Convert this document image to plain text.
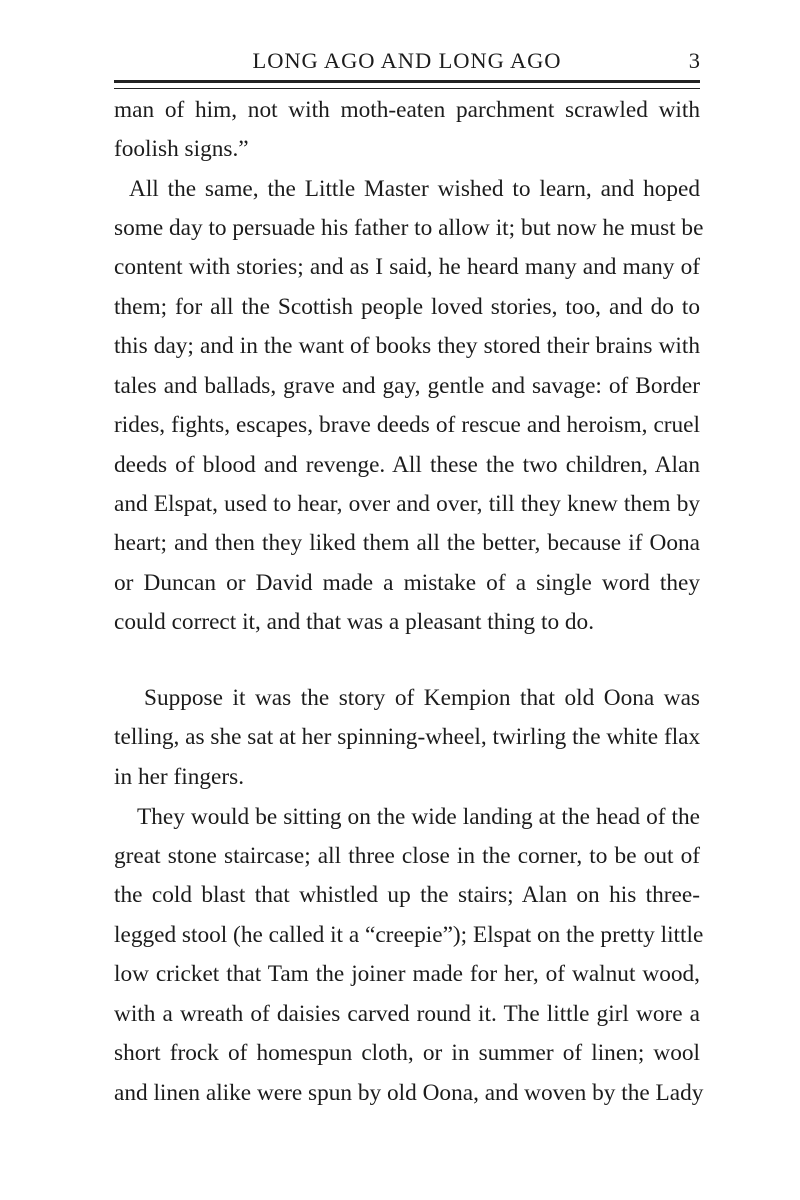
LONG AGO AND LONG AGO	3
man of him, not with moth-eaten parchment scrawled with
foolish signs.”
All the same, the Little Master wished to learn, and hoped
some day to persuade his father to allow it; but now he must be
content with stories; and as I said, he heard many and many of
them; for all the Scottish people loved stories, too, and do to
this day; and in the want of books they stored their brains with
tales and ballads, grave and gay, gentle and savage: of Border
rides, fights, escapes, brave deeds of rescue and heroism, cruel
deeds of blood and revenge. All these the two children, Alan
and Elspat, used to hear, over and over, till they knew them by
heart; and then they liked them all the better, because if Oona
or Duncan or David made a mistake of a single word they
could correct it, and that was a pleasant thing to do.
Suppose it was the story of Kempion that old Oona was
telling, as she sat at her spinning-wheel, twirling the white flax
in her fingers.
They would be sitting on the wide landing at the head of the
great stone staircase; all three close in the corner, to be out of
the cold blast that whistled up the stairs; Alan on his three-
legged stool (he called it a “creepie”); Elspat on the pretty little
low cricket that Tam the joiner made for her, of walnut wood,
with a wreath of daisies carved round it. The little girl wore a
short frock of homespun cloth, or in summer of linen; wool
and linen alike were spun by old Oona, and woven by the Lady
